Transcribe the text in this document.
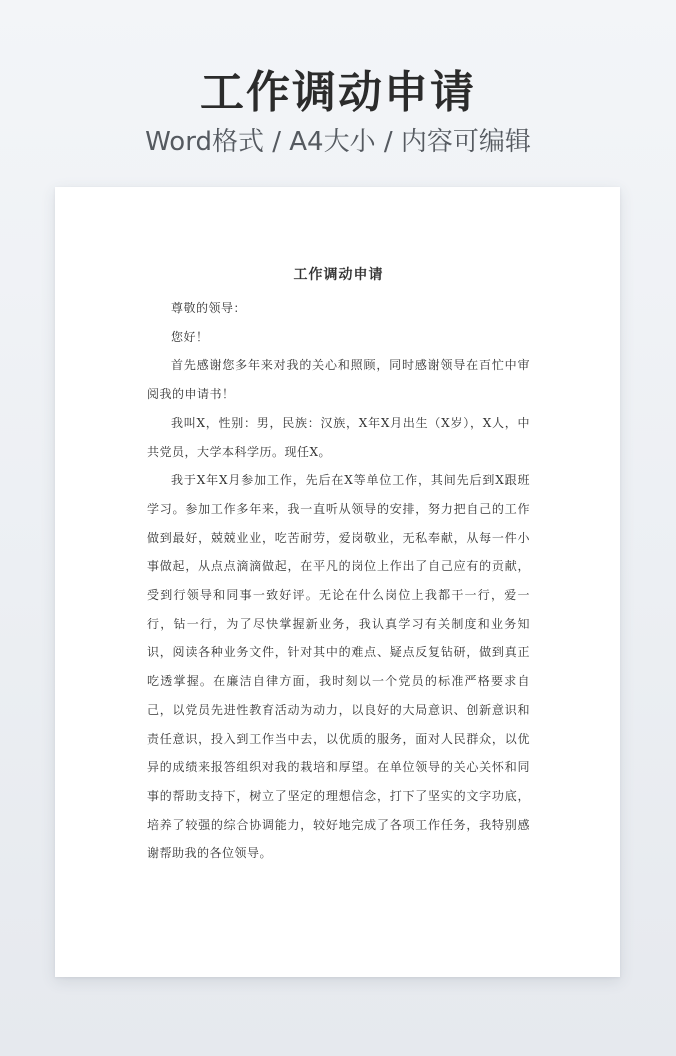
工作调动申请
Word格式 / A4大小 / 内容可编辑
工作调动申请

尊敬的领导：

您好！

首先感谢您多年来对我的关心和照顾，同时感谢领导在百忙中审阅我的申请书！

我叫X，性别：男，民族：汉族，X年X月出生（X岁），X人，中共党员，大学本科学历。现任X。

我于X年X月参加工作，先后在X等单位工作，其间先后到X跟班学习。参加工作多年来，我一直听从领导的安排，努力把自己的工作做到最好，兢兢业业，吃苦耐劳，爱岗敬业，无私奉献，从每一件小事做起，从点点滴滴做起，在平凡的岗位上作出了自己应有的贡献，受到行领导和同事一致好评。无论在什么岗位上我都干一行，爱一行，钻一行，为了尽快掌握新业务，我认真学习有关制度和业务知识，阅读各种业务文件，针对其中的难点、疑点反复钻研，做到真正吃透掌握。在廉洁自律方面，我时刻以一个党员的标准严格要求自己，以党员先进性教育活动为动力，以良好的大局意识、创新意识和责任意识，投入到工作当中去，以优质的服务，面对人民群众，以优异的成绩来报答组织对我的栽培和厚望。在单位领导的关心关怀和同事的帮助支持下，树立了坚定的理想信念，打下了坚实的文字功底，培养了较强的综合协调能力，较好地完成了各项工作任务，我特别感谢帮助我的各位领导。
